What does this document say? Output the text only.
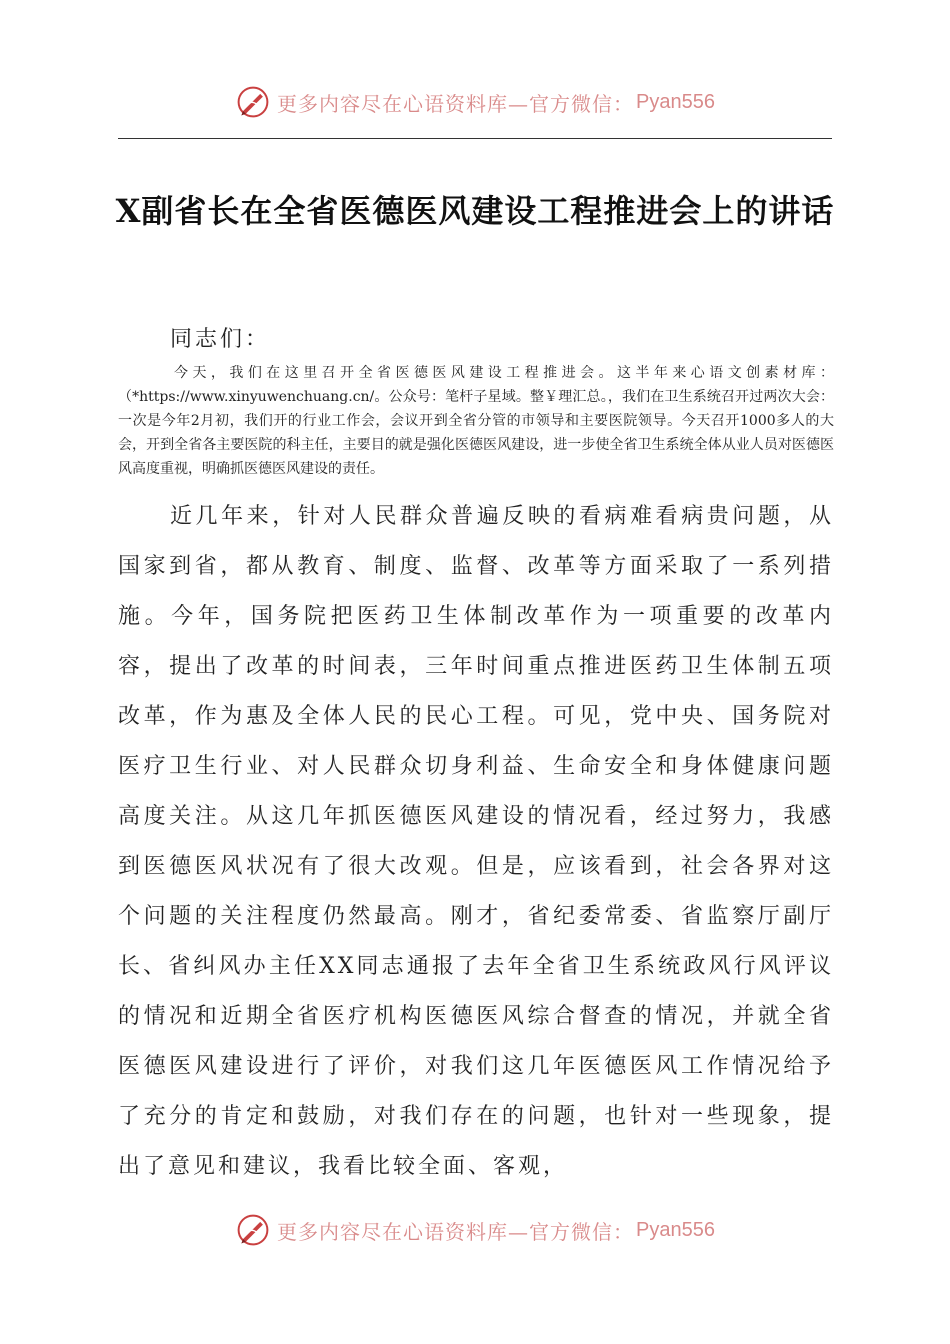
更多内容尽在心语资料库—官方微信： Pyan556
X副省长在全省医德医风建设工程推进会上的讲话
同志们：
今天，我们在这里召开全省医德医风建设工程推进会。这半年来心语文创素材库：（*https://www.xinyuwenchuang.cn/。公众号：笔杆子星域。整￥理汇总。，我们在卫生系统召开过两次大会：一次是今年2月初，我们开的行业工作会，会议开到全省分管的市领导和主要医院领导。今天召开1000多人的大会，开到全省各主要医院的科主任，主要目的就是强化医德医风建设，进一步使全省卫生系统全体从业人员对医德医风高度重视，明确抓医德医风建设的责任。
近几年来，针对人民群众普遍反映的看病难看病贵问题，从国家到省，都从教育、制度、监督、改革等方面采取了一系列措施。今年，国务院把医药卫生体制改革作为一项重要的改革内容，提出了改革的时间表，三年时间重点推进医药卫生体制五项改革，作为惠及全体人民的民心工程。可见，党中央、国务院对医疗卫生行业、对人民群众切身利益、生命安全和身体健康问题高度关注。从这几年抓医德医风建设的情况看，经过努力，我感到医德医风状况有了很大改观。但是，应该看到，社会各界对这个问题的关注程度仍然最高。刚才，省纪委常委、省监察厅副厅长、省纠风办主任XX同志通报了去年全省卫生系统政风行风评议的情况和近期全省医疗机构医德医风综合督查的情况，并就全省医德医风建设进行了评价，对我们这几年医德医风工作情况给予了充分的肯定和鼓励，对我们存在的问题，也针对一些现象，提出了意见和建议，我看比较全面、客观，
更多内容尽在心语资料库—官方微信： Pyan556
